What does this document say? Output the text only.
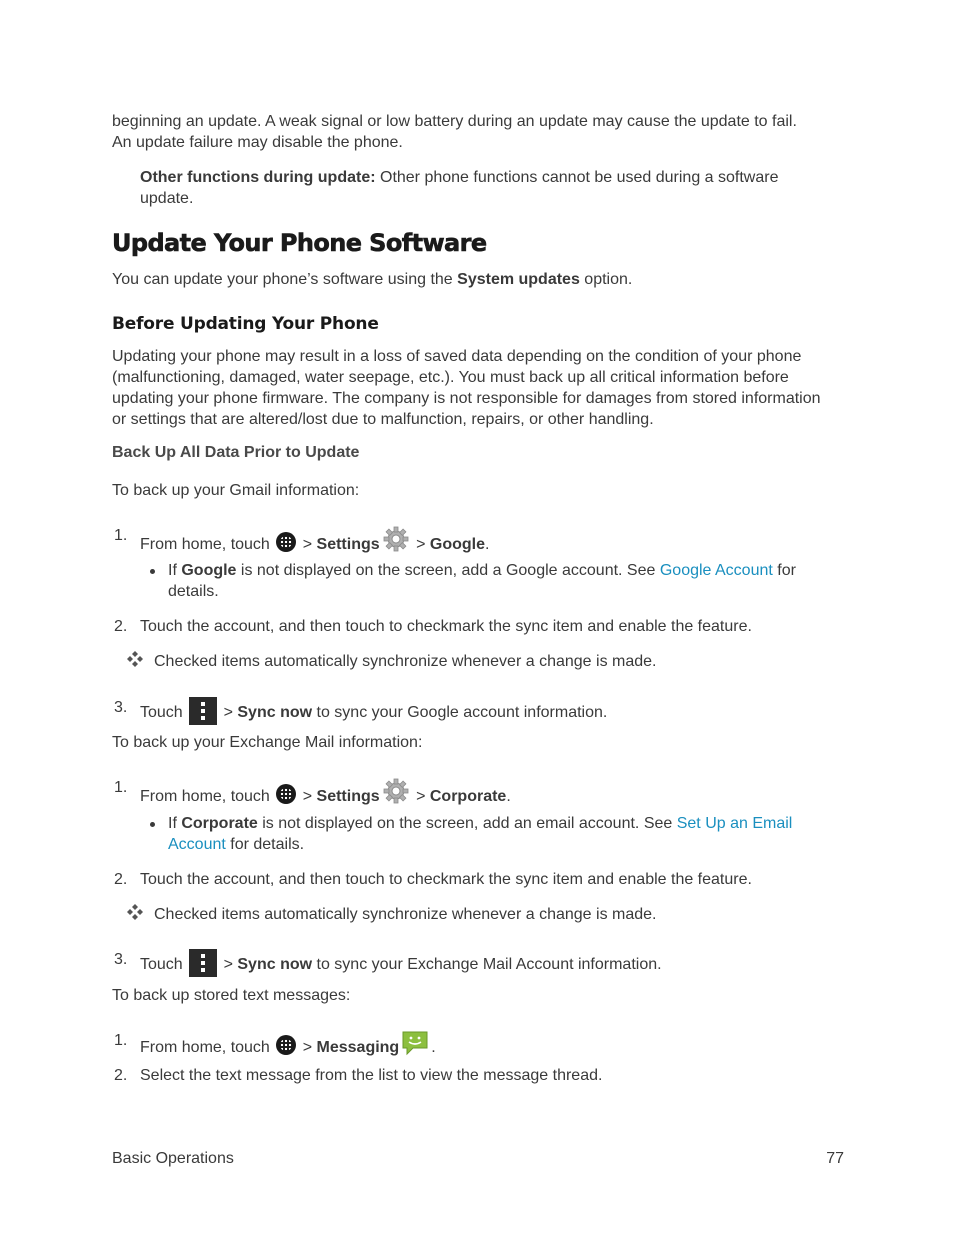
beginning an update. A weak signal or low battery during an update may cause the update to fail.

An update failure may disable the phone.

Other functions during update: Other phone functions cannot be used during a software

update.

Update Your Phone Software

You can update your phone’s software using the System updates option.

Before Updating Your Phone

Updating your phone may result in a loss of saved data depending on the condition of your phone

(malfunctioning, damaged, water seepage, etc.). You must back up all critical information before

updating your phone firmware. The company is not responsible for damages from stored information

or settings that are altered/lost due to malfunction, repairs, or other handling.

Back Up All Data Prior to Update

To back up your Gmail information:

1.
From home, touch  > Settings > Google.

If Google is not displayed on the screen, add a Google account. See Google Account for

details.

2. Touch the account, and then touch to checkmark the sync item and enable the feature.

Checked items automatically synchronize whenever a change is made.

3. Touch  > Sync now to sync your Google account information.

To back up your Exchange Mail information:

1.
From home, touch  > Settings > Corporate.

If Corporate is not displayed on the screen, add an email account. See Set Up an Email

Account for details.

2. Touch the account, and then touch to checkmark the sync item and enable the feature.

Checked items automatically synchronize whenever a change is made.

3. Touch  > Sync now to sync your Exchange Mail Account information.

To back up stored text messages:

1. From home, touch  > Messaging .

2. Select the text message from the list to view the message thread.

Basic Operations	77
